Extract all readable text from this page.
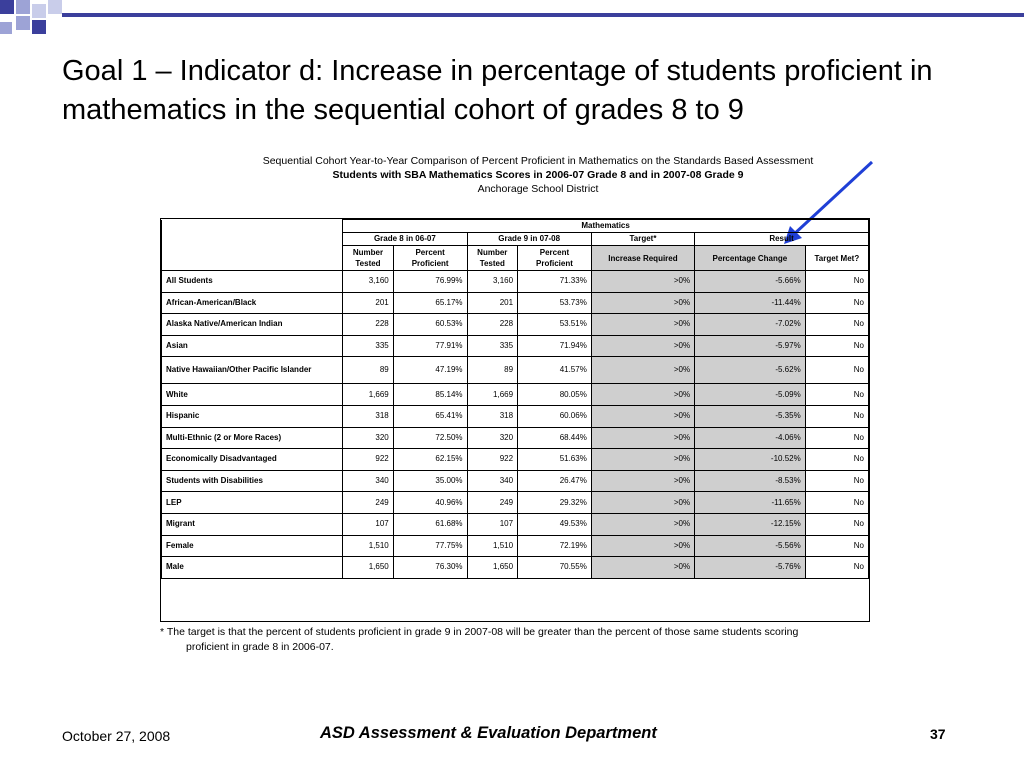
Goal 1 – Indicator d: Increase in percentage of students proficient in mathematics in the sequential cohort of grades 8 to 9
Sequential Cohort Year-to-Year Comparison of Percent Proficient in Mathematics on the Standards Based Assessment
Students with SBA Mathematics Scores in 2006-07 Grade 8 and in 2007-08 Grade 9
Anchorage School District
	Mathematics						
	Grade 8 in 06-07		Grade 9 in 07-08		Target*	Result	
	Number Tested	Percent Proficient	Number Tested	Percent Proficient	Increase Required	Percentage Change	Target Met?
All Students	3,160	76.99%	3,160	71.33%	>0%	-5.66%	No
African-American/Black	201	65.17%	201	53.73%	>0%	-11.44%	No
Alaska Native/American Indian	228	60.53%	228	53.51%	>0%	-7.02%	No
Asian	335	77.91%	335	71.94%	>0%	-5.97%	No
Native Hawaiian/Other Pacific Islander	89	47.19%	89	41.57%	>0%	-5.62%	No
White	1,669	85.14%	1,669	80.05%	>0%	-5.09%	No
Hispanic	318	65.41%	318	60.06%	>0%	-5.35%	No
Multi-Ethnic (2 or More Races)	320	72.50%	320	68.44%	>0%	-4.06%	No
Economically Disadvantaged	922	62.15%	922	51.63%	>0%	-10.52%	No
Students with Disabilities	340	35.00%	340	26.47%	>0%	-8.53%	No
LEP	249	40.96%	249	29.32%	>0%	-11.65%	No
Migrant	107	61.68%	107	49.53%	>0%	-12.15%	No
Female	1,510	77.75%	1,510	72.19%	>0%	-5.56%	No
Male	1,650	76.30%	1,650	70.55%	>0%	-5.76%	No
* The target is that the percent of students proficient in grade 9 in 2007-08 will be greater than the percent of those same students scoring
proficient in grade 8 in 2006-07.
October 27, 2008	ASD Assessment & Evaluation Department	37
